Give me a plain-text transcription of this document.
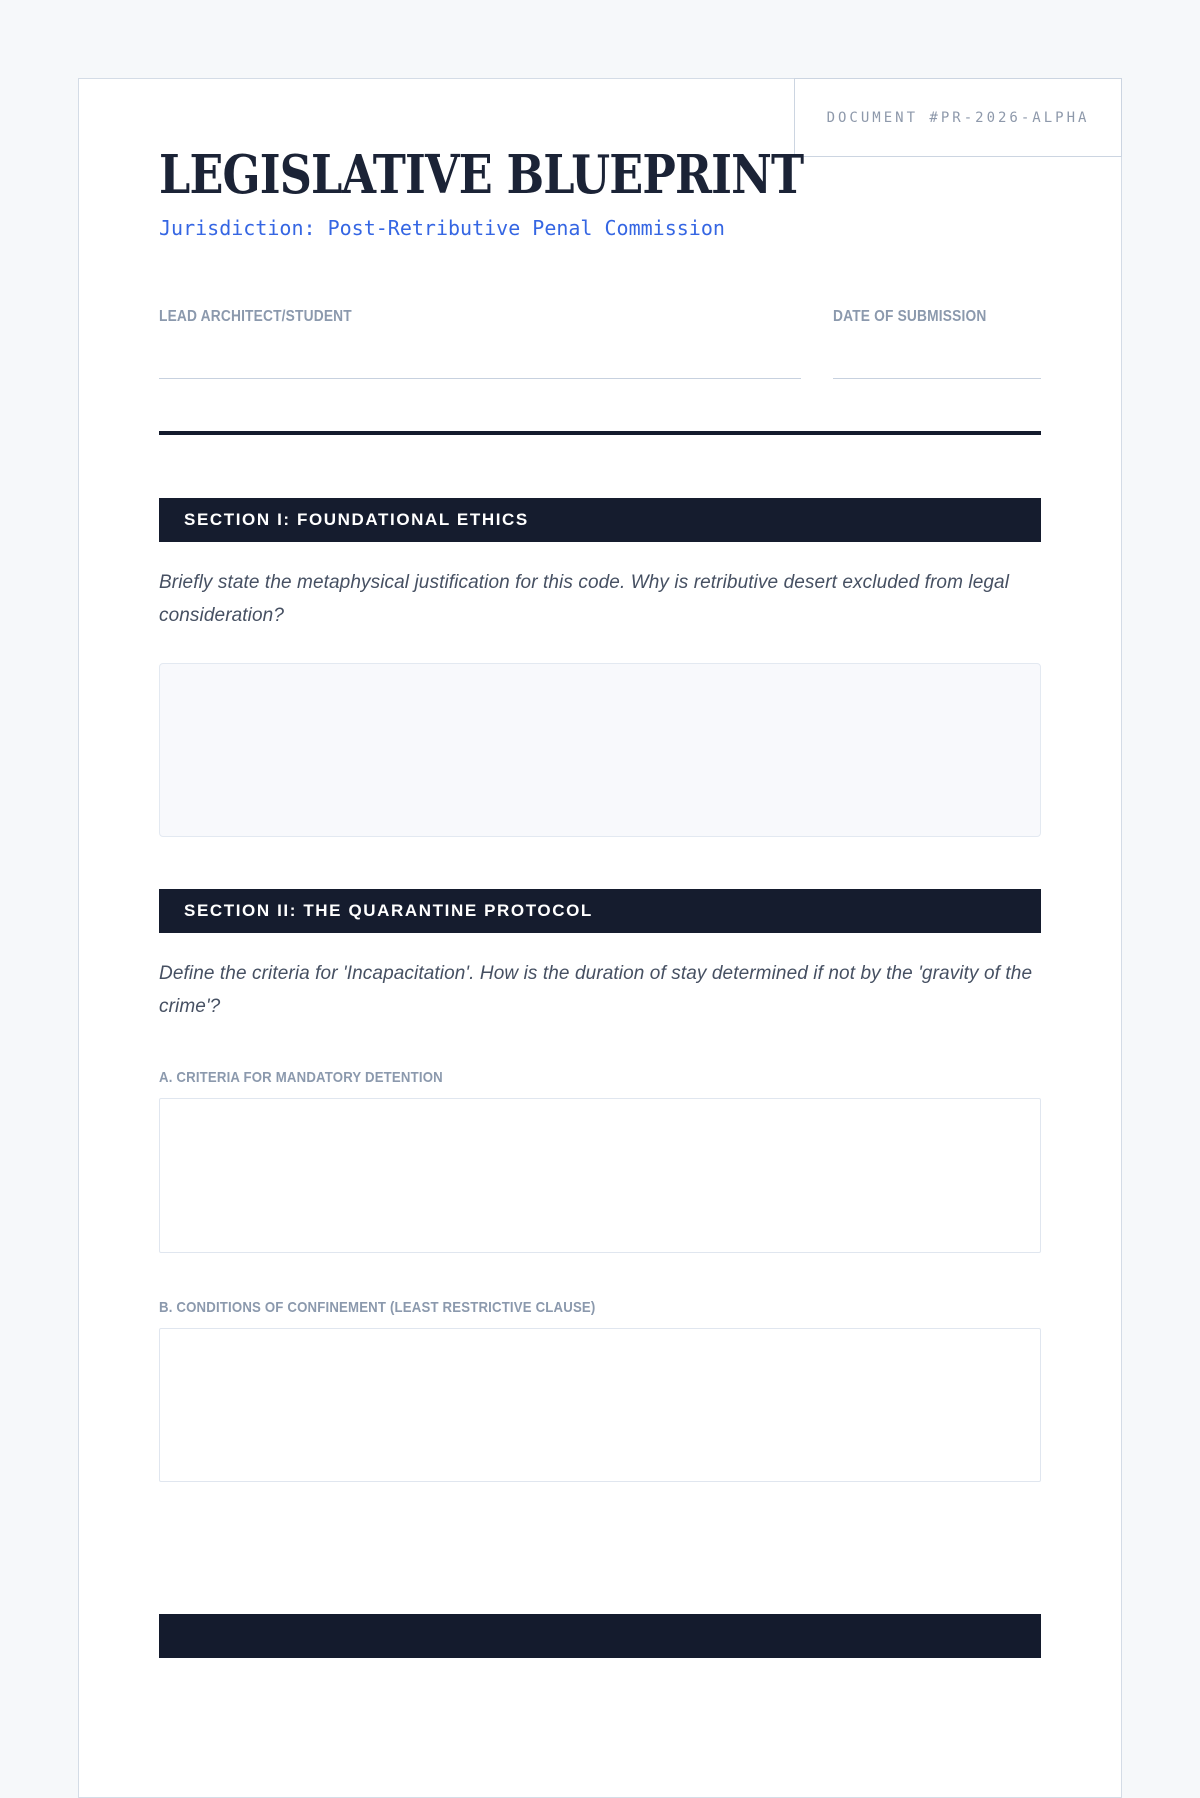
DOCUMENT #PR-2026-ALPHA
LEGISLATIVE BLUEPRINT
Jurisdiction: Post-Retributive Penal Commission
LEAD ARCHITECT/STUDENT	DATE OF SUBMISSION
SECTION I: FOUNDATIONAL ETHICS

Briefly state the metaphysical justification for this code. Why is retributive desert excluded from legal consideration?

SECTION II: THE QUARANTINE PROTOCOL

Define the criteria for 'Incapacitation'. How is the duration of stay determined if not by the 'gravity of the crime'?

A. CRITERIA FOR MANDATORY DETENTION
B. CONDITIONS OF CONFINEMENT (LEAST RESTRICTIVE CLAUSE)
